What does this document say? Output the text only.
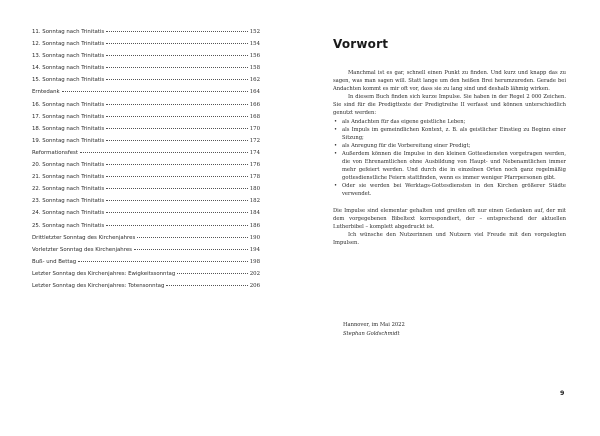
11. Sonntag nach Trinitatis	152
12. Sonntag nach Trinitatis	154
13. Sonntag nach Trinitatis	156
14. Sonntag nach Trinitatis	158
15. Sonntag nach Trinitatis	162
Erntedank	164
16. Sonntag nach Trinitatis	166
17. Sonntag nach Trinitatis	168
18. Sonntag nach Trinitatis	170
19. Sonntag nach Trinitatis	172
Reformationsfest	174
20. Sonntag nach Trinitatis	176
21. Sonntag nach Trinitatis	178
22. Sonntag nach Trinitatis	180
23. Sonntag nach Trinitatis	182
24. Sonntag nach Trinitatis	184
25. Sonntag nach Trinitatis	186
Drittletzter Sonntag des Kirchenjahres	190
Vorletzter Sonntag des Kirchenjahres	194
Buß- und Bettag	198
Letzter Sonntag des Kirchenjahres: Ewigkeitssonntag	202
Letzter Sonntag des Kirchenjahres: Totensonntag	206
Vorwort

Manchmal ist es gar, schnell einen Punkt zu finden. Und kurz und knapp das zu sagen, was man sagen will. Statt lange um den heißen Brei herumzureden. Gerade bei Andachten kommt es mir oft vor, dass sie zu lang sind und deshalb lähmig wirken.

In diesem Buch finden sich kurze Impulse. Sie haben in der Regel 2 000 Zeichen. Sie sind für die Predigttexte der Predigtreihe II verfasst und können unterschiedlich genutzt werden:

• als Andachten für das eigene geistliche Leben;
• als Impuls im gemeindlichen Kontext, z. B. als geistlicher Einstieg zu Beginn einer Sitzung;
• als Anregung für die Vorbereitung einer Predigt;
• Außerdem können die Impulse in den kleinen Gottesdiensten vorgetragen werden, die von Ehrenamtlichen ohne Ausbildung von Haupt- und Nebenamtlichen immer mehr gefeiert werden. Und durch die in einzelnen Orten noch ganz regelmäßig gottesdienstliche Feiern stattfinden, wenn es immer weniger Pfarrpersonen gibt.
• Oder sie werden bei Werktags-Gottesdiensten in den Kirchen größerer Städte verwendet.

Die Impulse sind elementar gehalten und greifen oft nur einen Gedanken auf, der mit dem vorgegebenen Bibeltext korrespondiert, der – entsprechend der aktuellen Lutherbibel – komplett abgedruckt ist.

Ich wünsche den Nutzerinnen und Nutzern viel Freude mit den vorgelegten Impulsen.

Hannover, im Mai 2022
Stephan Goldschmidt
9
